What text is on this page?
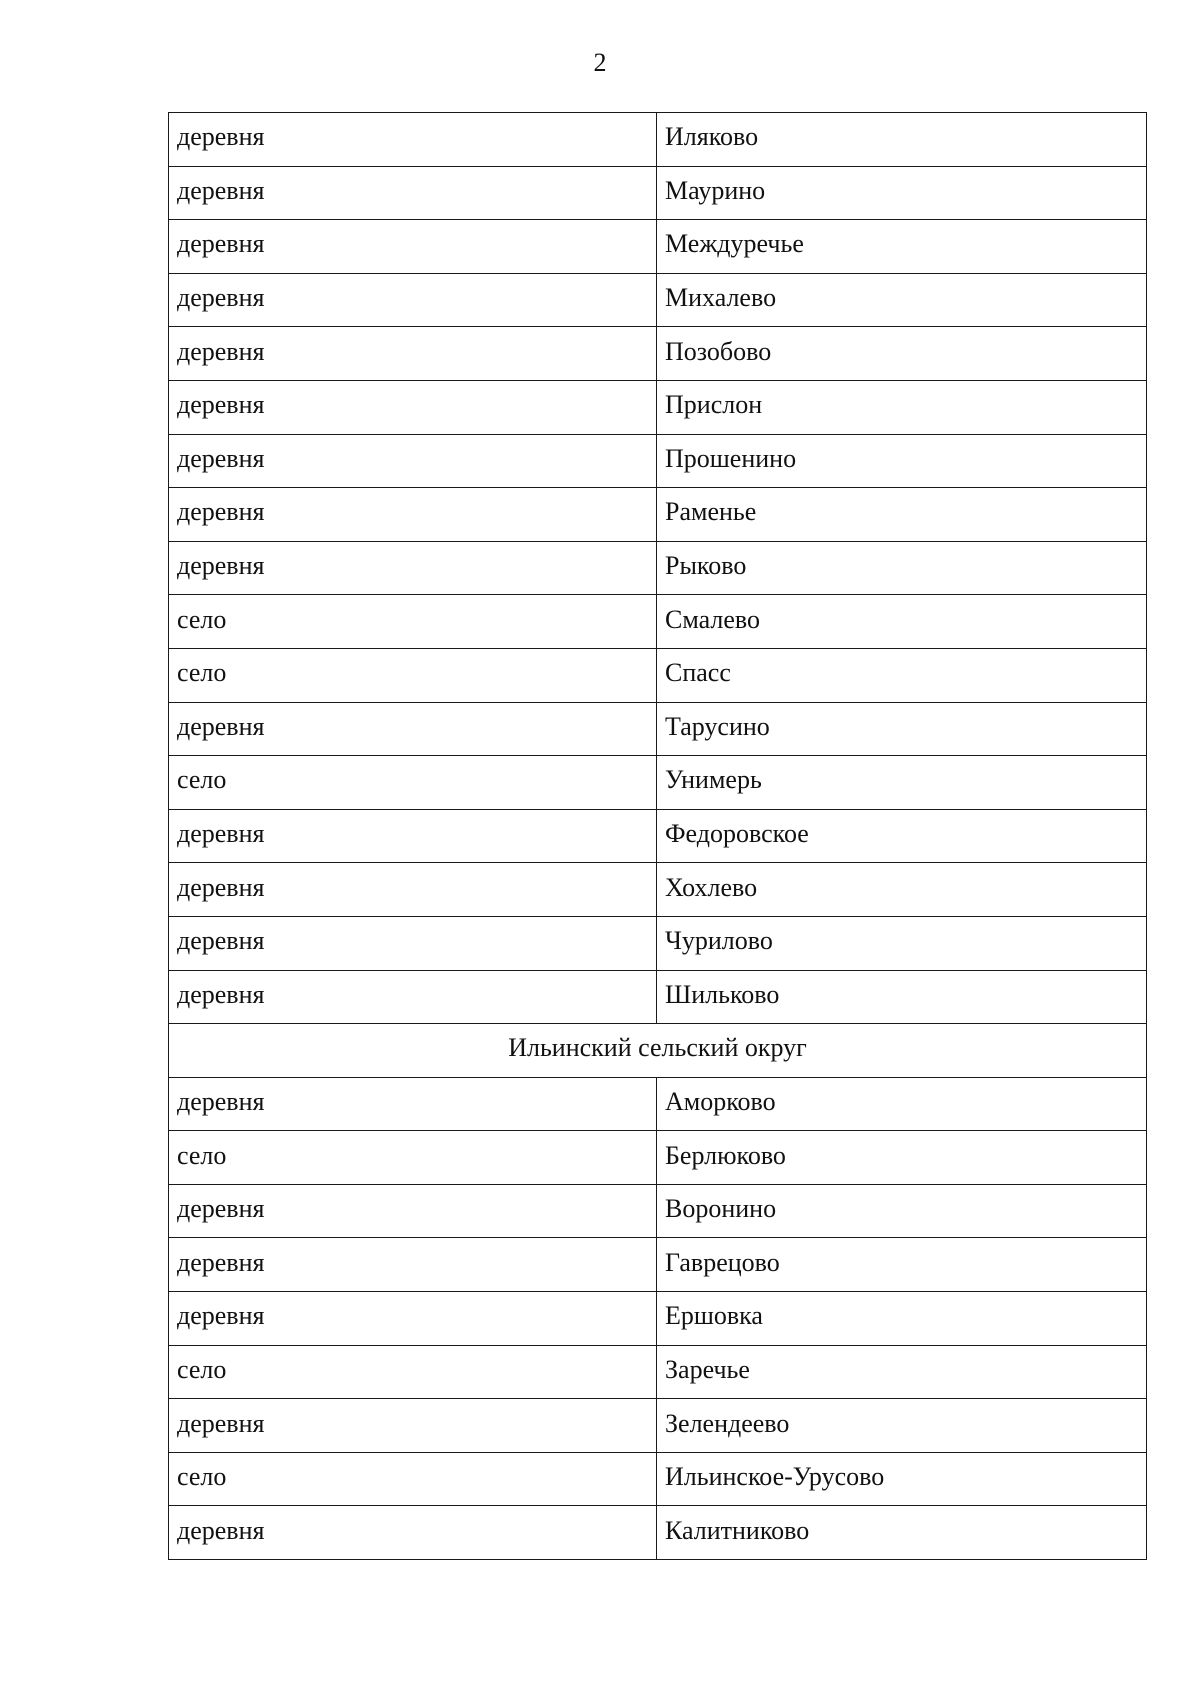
2
деревня	Иляково
деревня	Маурино
деревня	Междуречье
деревня	Михалево
деревня	Позобово
деревня	Прислон
деревня	Прошенино
деревня	Раменье
деревня	Рыково
село	Смалево
село	Спасс
деревня	Тарусино
село	Унимерь
деревня	Федоровское
деревня	Хохлево
деревня	Чурилово
деревня	Шильково
Ильинский сельский округ	
деревня	Аморково
село	Берлюково
деревня	Воронино
деревня	Гаврецово
деревня	Ершовка
село	Заречье
деревня	Зелендеево
село	Ильинское-Урусово
деревня	Калитниково
